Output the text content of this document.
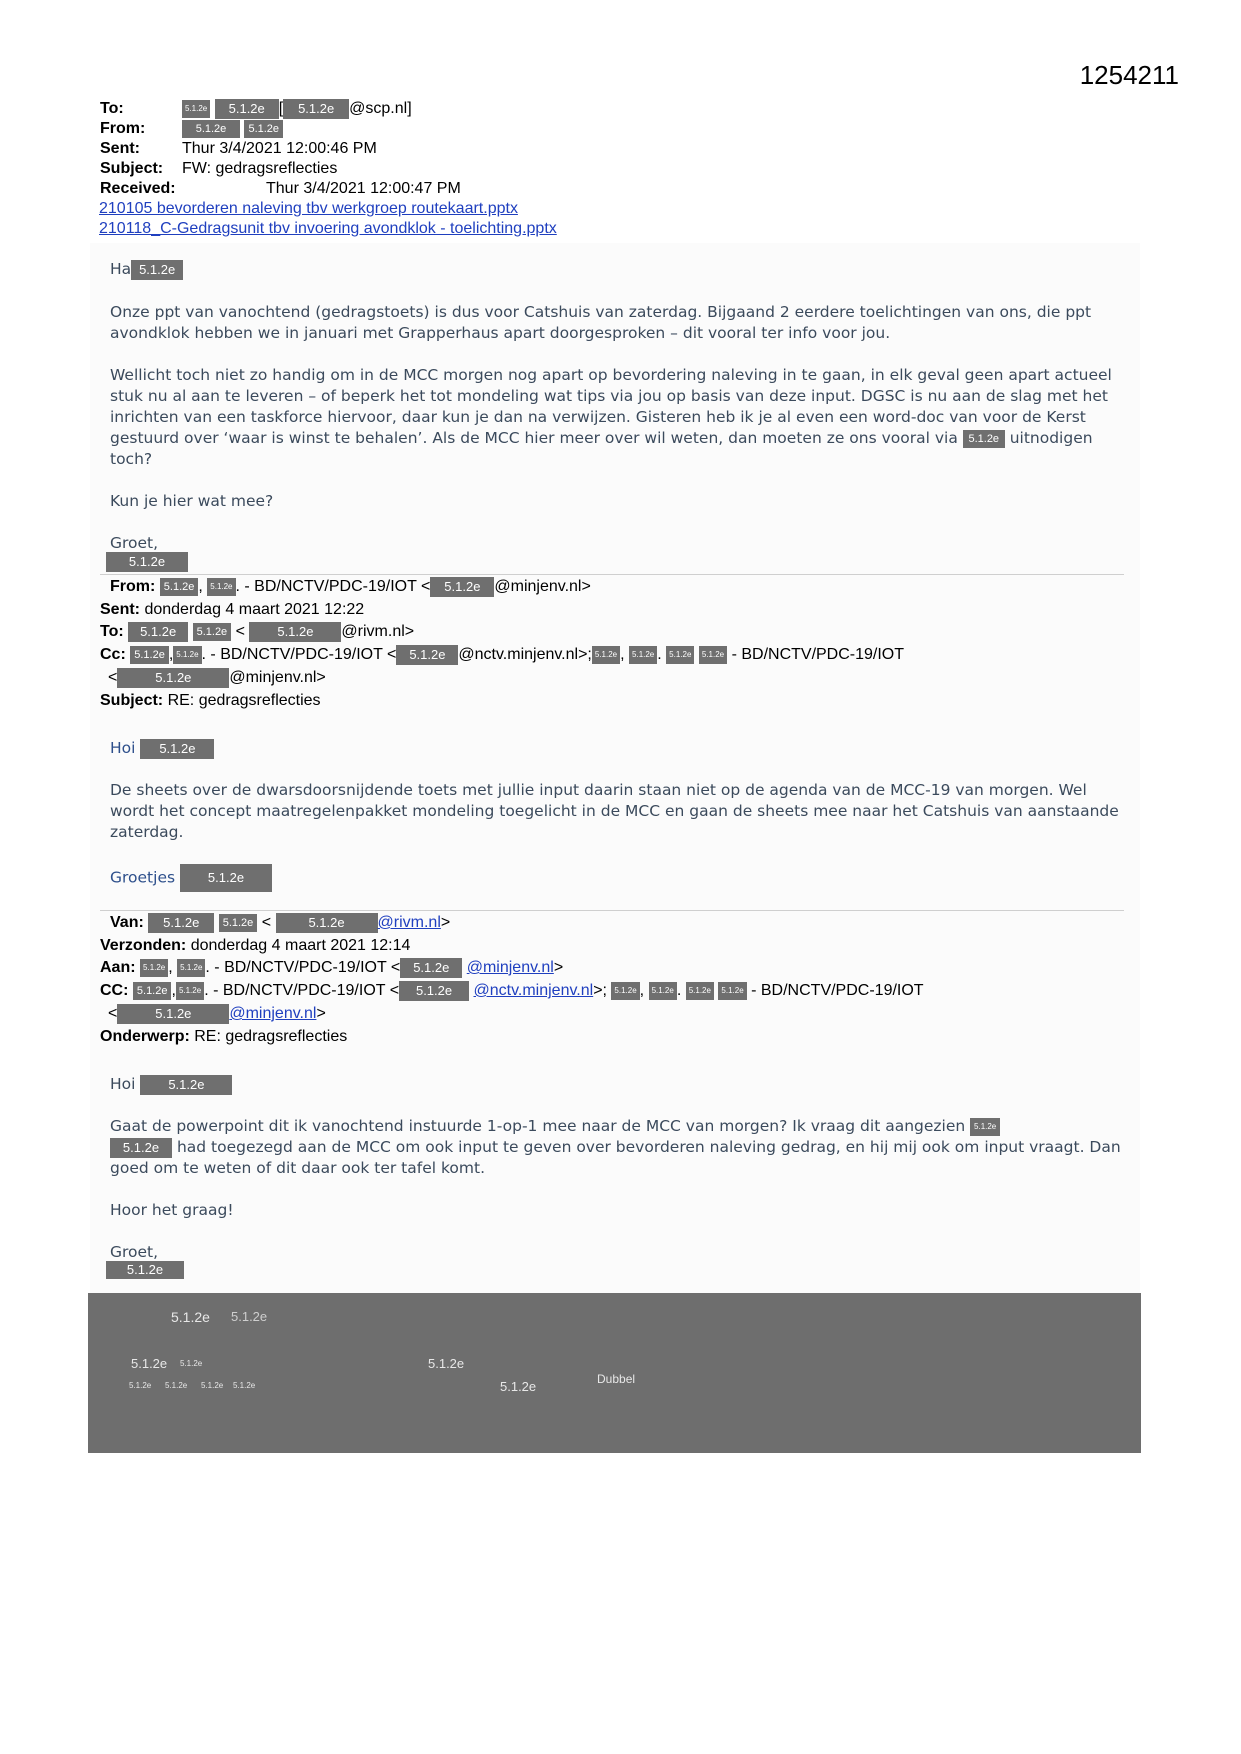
1254211
To:	5.1.2e 5.1.2e [ 5.1.2e @scp.nl]
From:	5.1.2e 5.1.2e
Sent:	Thur 3/4/2021 12:00:46 PM
Subject: FW: gedragsreflecties
Received:	Thur 3/4/2021 12:00:47 PM
210105 bevorderen naleving tbv werkgroep routekaart.pptx
210118_C-Gedragsunit tbv invoering avondklok - toelichting.pptx
Ha 5.1.2e

Onze ppt van vanochtend (gedragstoets) is dus voor Catshuis van zaterdag. Bijgaand 2 eerdere toelichtingen van ons, die ppt avondklok hebben we in januari met Grapperhaus apart doorgesproken – dit vooral ter info voor jou.

Wellicht toch niet zo handig om in de MCC morgen nog apart op bevordering naleving in te gaan, in elk geval geen apart actueel stuk nu al aan te leveren – of beperk het tot mondeling wat tips via jou op basis van deze input. DGSC is nu aan de slag met het inrichten van een taskforce hiervoor, daar kun je dan na verwijzen. Gisteren heb ik je al even een word-doc van voor de Kerst gestuurd over ‘waar is winst te behalen’. Als de MCC hier meer over wil weten, dan moeten ze ons vooral via 5.1.2e uitnodigen toch?

Kun je hier wat mee?

Groet,

5.1.2e
From: 5.1.2e , 5.1.2e . - BD/NCTV/PDC-19/IOT < 5.1.2e @minjenv.nl>
Sent: donderdag 4 maart 2021 12:22
To: 5.1.2e 5.1.2e < 5.1.2e @rivm.nl>
Cc: 5.1.2e , 5.1.2e . - BD/NCTV/PDC-19/IOT < 5.1.2e @nctv.minjenv.nl>; 5.1.2e , 5.1.2e . 5.1.2e 5.1.2e - BD/NCTV/PDC-19/IOT
<	5.1.2e @minjenv.nl>
Subject: RE: gedragsreflecties
Hoi 5.1.2e

De sheets over de dwarsdoorsnijdende toets met jullie input daarin staan niet op de agenda van de MCC-19 van morgen. Wel wordt het concept maatregelenpakket mondeling toegelicht in de MCC en gaan de sheets mee naar het Catshuis van aanstaande zaterdag.

Groetjes	5.1.2e
Van: 5.1.2e 5.1.2e <	5.1.2e @rivm.nl>
Verzonden: donderdag 4 maart 2021 12:14
Aan: 5.1.2e , 5.1.2e . - BD/NCTV/PDC-19/IOT < 5.1.2e @minjenv.nl>
CC: 5.1.2e , 5.1.2e . - BD/NCTV/PDC-19/IOT < 5.1.2e @nctv.minjenv.nl>; 5.1.2e , 5.1.2e . 5.1.2e 5.1.2e - BD/NCTV/PDC-19/IOT
<	5.1.2e @minjenv.nl>
Onderwerp: RE: gedragsreflecties
Hoi	5.1.2e

Gaat de powerpoint dit ik vanochtend instuurde 1-op-1 mee naar de MCC van morgen? Ik vraag dit aangezien 5.1.2e
5.1.2e had toegezegd aan de MCC om ook input te geven over bevorderen naleving gedrag, en hij mij ook om input vraagt. Dan goed om te weten of dit daar ook ter tafel komt.

Hoor het graag!

Groet,

5.1.2e
5.1.2e 5.1.2e
5.1.2e 5.1.2e	5.1.2e
5.1.2e 5.1.2e 5.1.2e 5.1.2e	5.1.2e	Dubbel
